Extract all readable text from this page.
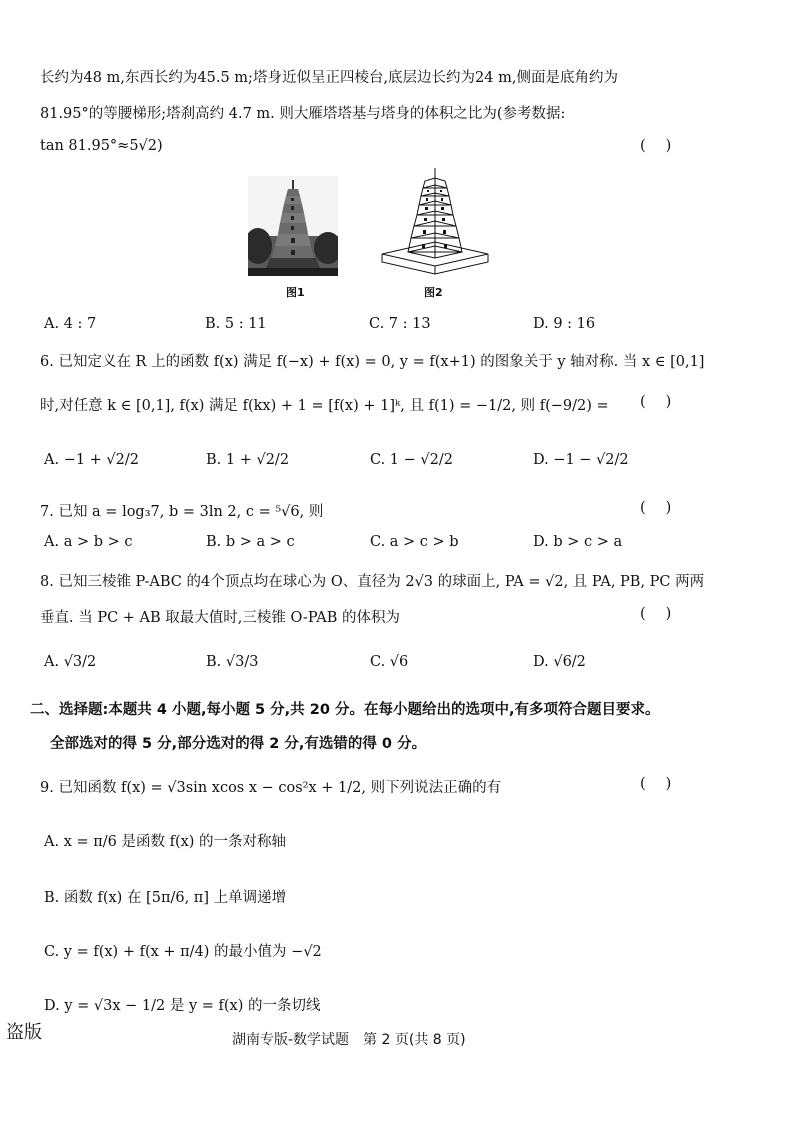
长约为48 m,东西长约为45.5 m;塔身近似呈正四棱台,底层边长约为24 m,侧面是底角约为
81.95°的等腰梯形;塔刹高约 4.7 m. 则大雁塔塔基与塔身的体积之比为(参考数据:
tan 81.95°≈5√2)	()
图1	图2
A. 4 : 7	B. 5 : 11	C. 7 : 13	D. 9 : 16
6. 已知定义在 R 上的函数 f(x) 满足 f(−x) + f(x) = 0, y = f(x+1) 的图象关于 y 轴对称. 当 x ∈ [0,1]
时,对任意 k ∈ [0,1], f(x) 满足 f(kx) + 1 = [f(x) + 1]ᵏ, 且 f(1) = −1/2, 则 f(−9/2) = ()
A. −1 + √2/2	B. 1 + √2/2	C. 1 − √2/2	D. −1 − √2/2
7. 已知 a = log₃7, b = 3ln 2, c = ⁵√6, 则	()
A. a > b > c	B. b > a > c	C. a > c > b	D. b > c > a
8. 已知三棱锥 P-ABC 的4个顶点均在球心为 O、直径为 2√3 的球面上, PA = √2, 且 PA, PB, PC 两两
垂直. 当 PC + AB 取最大值时,三棱锥 O-PAB 的体积为	()
A. √3/2	B. √3/3	C. √6	D. √6/2
二、选择题:本题共 4 小题,每小题 5 分,共 20 分。在每小题给出的选项中,有多项符合题目要求。
全部选对的得 5 分,部分选对的得 2 分,有选错的得 0 分。
9. 已知函数 f(x) = √3sin xcos x − cos²x + 1/2, 则下列说法正确的有	()
A. x = π/6 是函数 f(x) 的一条对称轴
B. 函数 f(x) 在 [5π/6, π] 上单调递增
C. y = f(x) + f(x + π/4) 的最小值为 −√2
D. y = √3x − 1/2 是 y = f(x) 的一条切线
盗版	湖南专版-数学试题　第 2 页(共 8 页)
